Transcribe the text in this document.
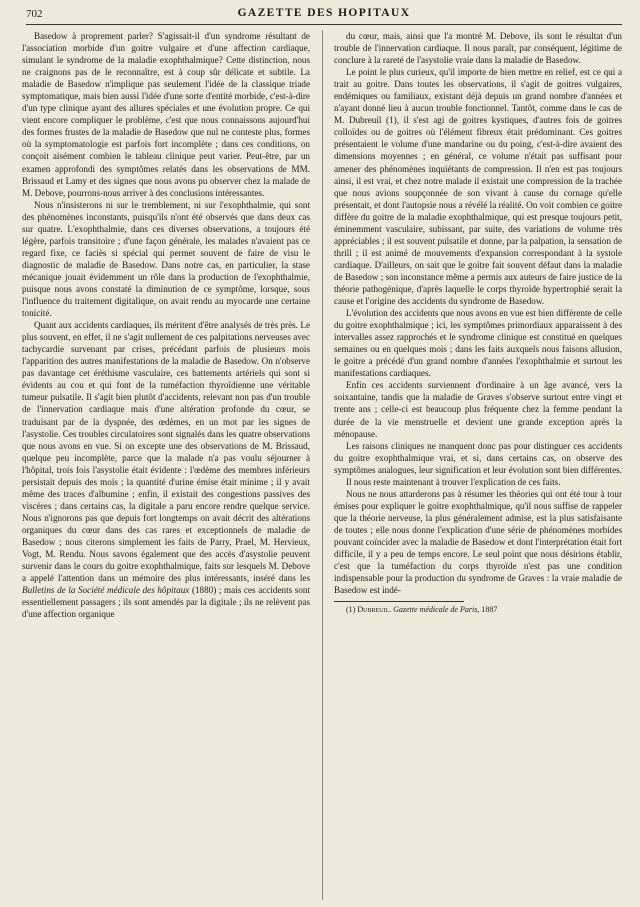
702	GAZETTE DES HOPITAUX

Basedow à proprement parler? S'agissait-il d'un syndrome résultant de l'association morbide d'un goitre vulgaire et d'une affection cardiaque, simulant le syndrome de la maladie exophthalmique? Cette distinction, nous ne craignons pas de le reconnaître, est à coup sûr délicate et subtile. La maladie de Basedow n'implique pas seulement l'idée de la classique triade symptomatique, mais bien aussi l'idée d'une sorte d'entité morbide, c'est-à-dire d'un type clinique ayant des allures spéciales et une évolution propre. Ce qui vient encore compliquer le problème, c'est que nous connaissons aujourd'hui des formes frustes de la maladie de Basedow que nul ne conteste plus, formes où la symptomatologie est parfois fort incomplète ; dans ces conditions, on conçoit aisément combien le tableau clinique peut varier. Peut-être, par un examen approfondi des symptômes relatés dans les observations de MM. Brissaud et Lamy et des signes que nous avons pu observer chez la malade de M. Debove, pourrons-nous arriver à des conclusions intéressantes.

Nous n'insisterons ni sur le tremblement, ni sur l'exophthalmie, qui sont des phénomènes inconstants, puisqu'ils n'ont été observés que dans deux cas sur quatre. L'exophthalmie, dans ces diverses observations, a toujours été légère, parfois transitoire ; d'une façon générale, les malades n'avaient pas ce regard fixe, ce faciès si spécial qui permet souvent de faire de visu le diagnostic de maladie de Basedow. Dans notre cas, en particulier, la stase mécanique jouait évidemment un rôle dans la production de l'exophthalmie, puisque nous avons constaté la diminution de ce symptôme, lorsque, sous l'influence du traitement digitalique, on avait rendu au myocarde une certaine tonicité.

Quant aux accidents cardiaques, ils méritent d'être analysés de très près. Le plus souvent, en effet, il ne s'agit nullement de ces palpitations nerveuses avec tachycardie survenant par crises, précédant parfois de plusieurs mois l'apparition des autres manifestations de la maladie de Basedow. On n'observe pas davantage cet éréthisme vasculaire, ces battements artériels qui sont si évidents au cou et qui font de la tuméfaction thyroïdienne une véritable tumeur pulsatile. Il s'agit bien plutôt d'accidents, relevant non pas d'un trouble de l'innervation cardiaque mais d'une altération profonde du cœur, se traduisant par de la dyspnée, des œdèmes, en un mot par les signes de l'asystolie. Ces troubles circulatoires sont signalés dans les quatre observations que nous avons en vue. Si on excepte une des observations de M. Brissaud, quelque peu incomplète, parce que la malade n'a pas voulu séjourner à l'hôpital, trois fois l'asystolie était évidente : l'œdème des membres inférieurs persistait depuis des mois ; la quantité d'urine émise était minime ; il y avait même des traces d'albumine ; enfin, il existait des congestions passives des viscères ; dans certains cas, la digitale a paru encore rendre quelque service. Nous n'ignorons pas que depuis fort longtemps on avait décrit des altérations organiques du cœur dans des cas rares et exceptionnels de maladie de Basedow ; nous citerons simplement les faits de Parry, Prael, M. Hervieux, Vogt, M. Rendu. Nous savons également que des accès d'asystolie peuvent survenir dans le cours du goitre exophthalmique, faits sur lesquels M. Debove a appelé l'attention dans un mémoire des plus intéressants, inséré dans les Bulletins de la Société médicale des hôpitaux (1880) ; mais ces accidents sont essentiellement passagers ; ils sont amendés par la digitale ; ils ne relèvent pas d'une affection organique

du cœur, mais, ainsi que l'a montré M. Debove, ils sont le résultat d'un trouble de l'innervation cardiaque. Il nous paraît, par conséquent, légitime de conclure à la rareté de l'asystolie vraie dans la maladie de Basedow.

Le point le plus curieux, qu'il importe de bien mettre en relief, est ce qui a trait au goitre. Dans toutes les observations, il s'agit de goitres vulgaires, endémiques ou familiaux, existant déjà depuis un grand nombre d'années et n'ayant donné lieu à aucun trouble fonctionnel. Tantôt, comme dans le cas de M. Dubreuil (1), il s'est agi de goitres kystiques, d'autres fois de goitres colloïdes ou de goitres où l'élément fibreux était prédominant. Ces goitres présentaient le volume d'une mandarine ou du poing, c'est-à-dire avaient des dimensions moyennes ; en général, ce volume n'était pas suffisant pour amener des phénomènes inquiétants de compression. Il n'en est pas toujours ainsi, il est vrai, et chez notre malade il existait une compression de la trachée que nous avions soupçonnée de son vivant à cause du cornage qu'elle présentait, et dont l'autopsie nous a révélé la réalité. On voit combien ce goitre diffère du goitre de la maladie exophthalmique, qui est presque toujours petit, éminemment vasculaire, subissant, par suite, des variations de volume très appréciables ; il est souvent pulsatile et donne, par la palpation, la sensation de thrill ; il est animé de mouvements d'expansion correspondant à la systole cardiaque. D'ailleurs, on sait que le goitre fait souvent défaut dans la maladie de Basedow ; son inconstance même a permis aux auteurs de faire justice de la théorie pathogénique, d'après laquelle le corps thyroïde hypertrophié serait la cause et l'origine des accidents du syndrome de Basedow.

L'évolution des accidents que nous avons en vue est bien différente de celle du goitre exophthalmique ; ici, les symptômes primordiaux apparaissent à des intervalles assez rapprochés et le syndrome clinique est constitué en quelques semaines ou en quelques mois ; dans les faits auxquels nous faisons allusion, le goitre a précédé d'un grand nombre d'années l'exophthalmie et surtout les manifestations cardiaques.

Enfin ces accidents surviennent d'ordinaire à un âge avancé, vers la soixantaine, tandis que la maladie de Graves s'observe surtout entre vingt et trente ans ; celle-ci est beaucoup plus fréquente chez la femme pendant la durée de la vie menstruelle et devient une grande exception après la ménopause.

Les raisons cliniques ne manquent donc pas pour distinguer ces accidents du goitre exophthalmique vrai, et si, dans certains cas, on observe des symptômes analogues, leur signification et leur évolution sont bien différentes.

Il nous reste maintenant à trouver l'explication de ces faits.

Nous ne nous attarderons pas à résumer les théories qui ont été tour à tour émises pour expliquer le goitre exophthalmique, qu'il nous suffise de rappeler que la théorie nerveuse, la plus généralement admise, est la plus satisfaisante de toutes ; elle nous donne l'explication d'une série de phénomènes morbides pouvant coïncider avec la maladie de Basedow et dont l'interprétation était fort difficile, il y a peu de temps encore. Le seul point que nous désirions établir, c'est que la tuméfaction du corps thyroïde n'est pas une condition indispensable pour la production du syndrome de Graves : la vraie maladie de Basedow est indé-

(1) Dubreuil. Gazette médicale de Paris, 1887
